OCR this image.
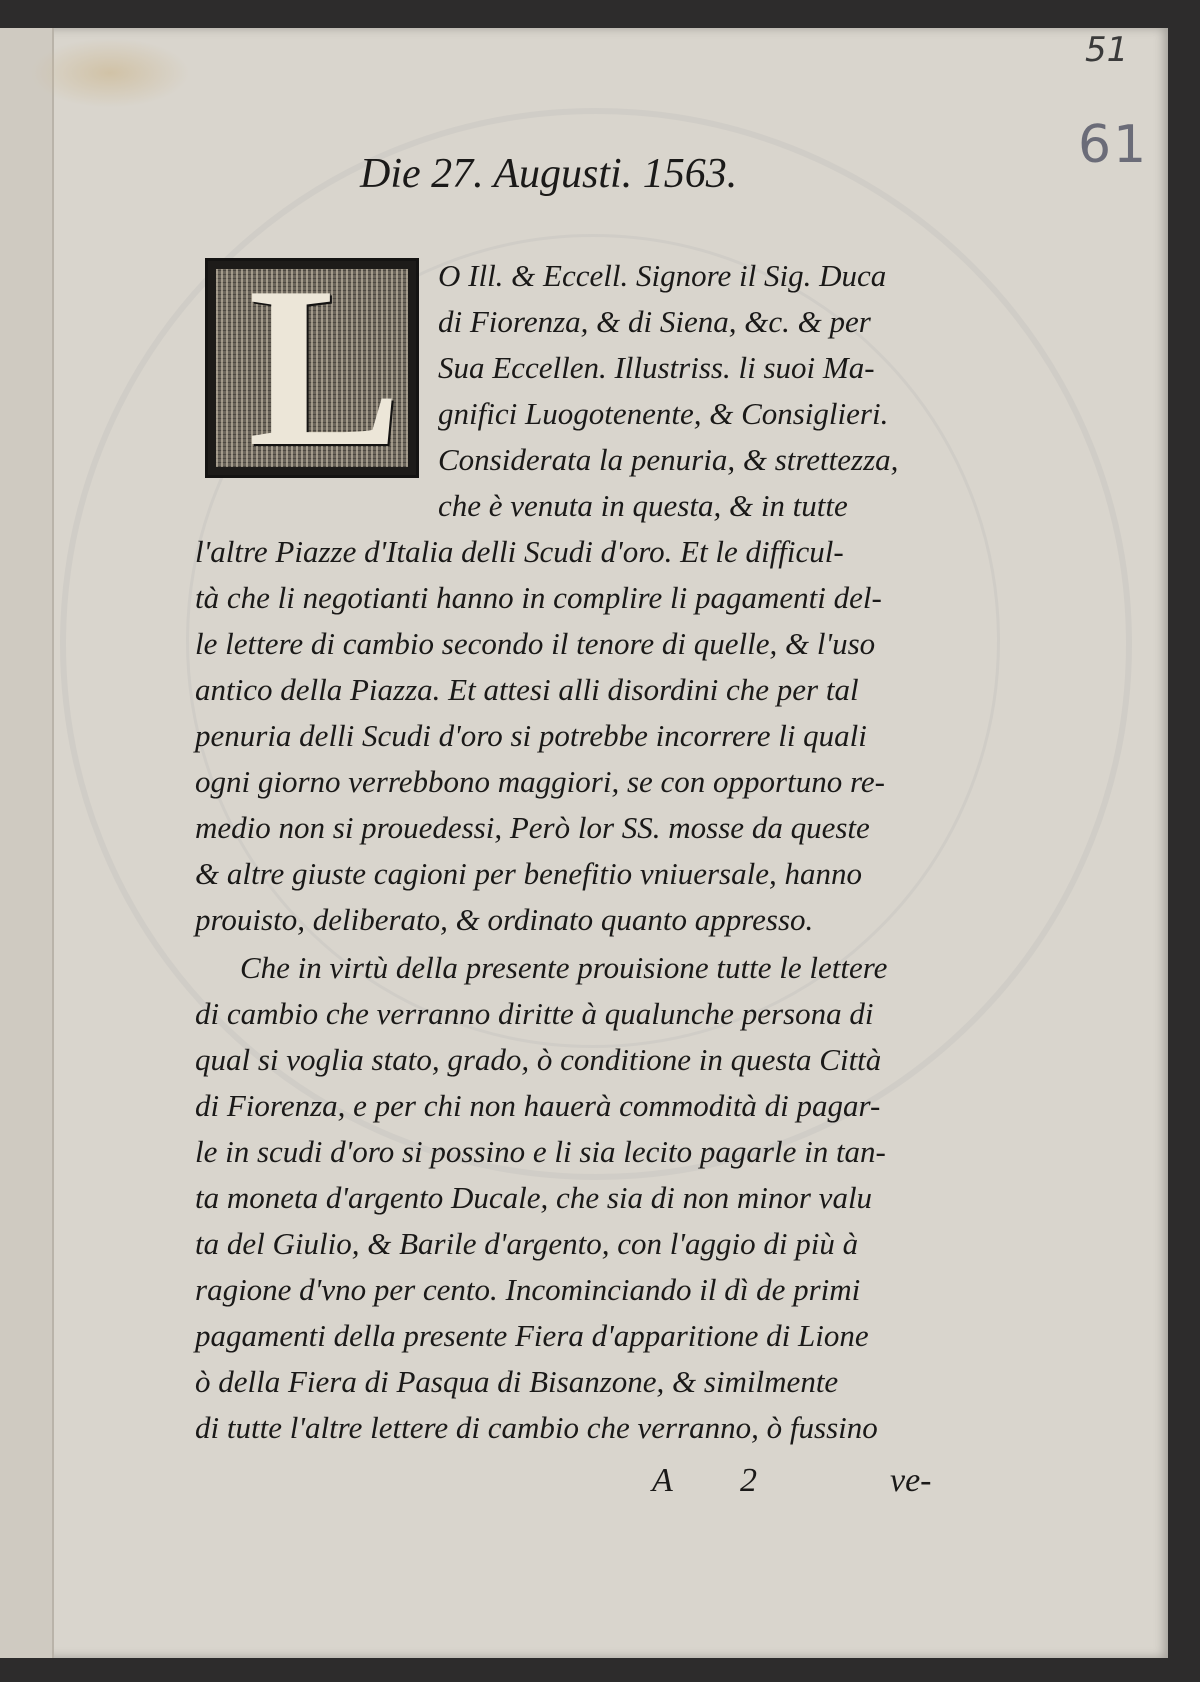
51
61
Die 27. Augusti. 1563.
L O Ill. & Eccell. Signore il Sig. Duca
di Fiorenza, & di Siena, &c. & per
Sua Eccellen. Illustriss. li suoi Ma-
gnifici Luogotenente, & Consiglieri.
Considerata la penuria, & strettezza,
che è venuta in questa, & in tutte
l'altre Piazze d'Italia delli Scudi d'oro. Et le difficul-
tà che li negotianti hanno in complire li pagamenti del-
le lettere di cambio secondo il tenore di quelle, & l'uso
antico della Piazza. Et attesi alli disordini che per tal
penuria delli Scudi d'oro si potrebbe incorrere li quali
ogni giorno verrebbono maggiori, se con opportuno re-
medio non si prouedessi, Però lor SS. mosse da queste
& altre giuste cagioni per benefitio vniuersale, hanno
prouisto, deliberato, & ordinato quanto appresso.
Che in virtù della presente prouisione tutte le lettere
di cambio che verranno diritte à qualunche persona di
qual si voglia stato, grado, ò conditione in questa Città
di Fiorenza, e per chi non hauerà commodità di pagar-
le in scudi d'oro si possino e li sia lecito pagarle in tan-
ta moneta d'argento Ducale, che sia di non minor valu
ta del Giulio, & Barile d'argento, con l'aggio di più à
ragione d'vno per cento. Incominciando il dì de primi
pagamenti della presente Fiera d'apparitione di Lione
ò della Fiera di Pasqua di Bisanzone, & similmente
di tutte l'altre lettere di cambio che verranno, ò fussino
A 2	ve-
